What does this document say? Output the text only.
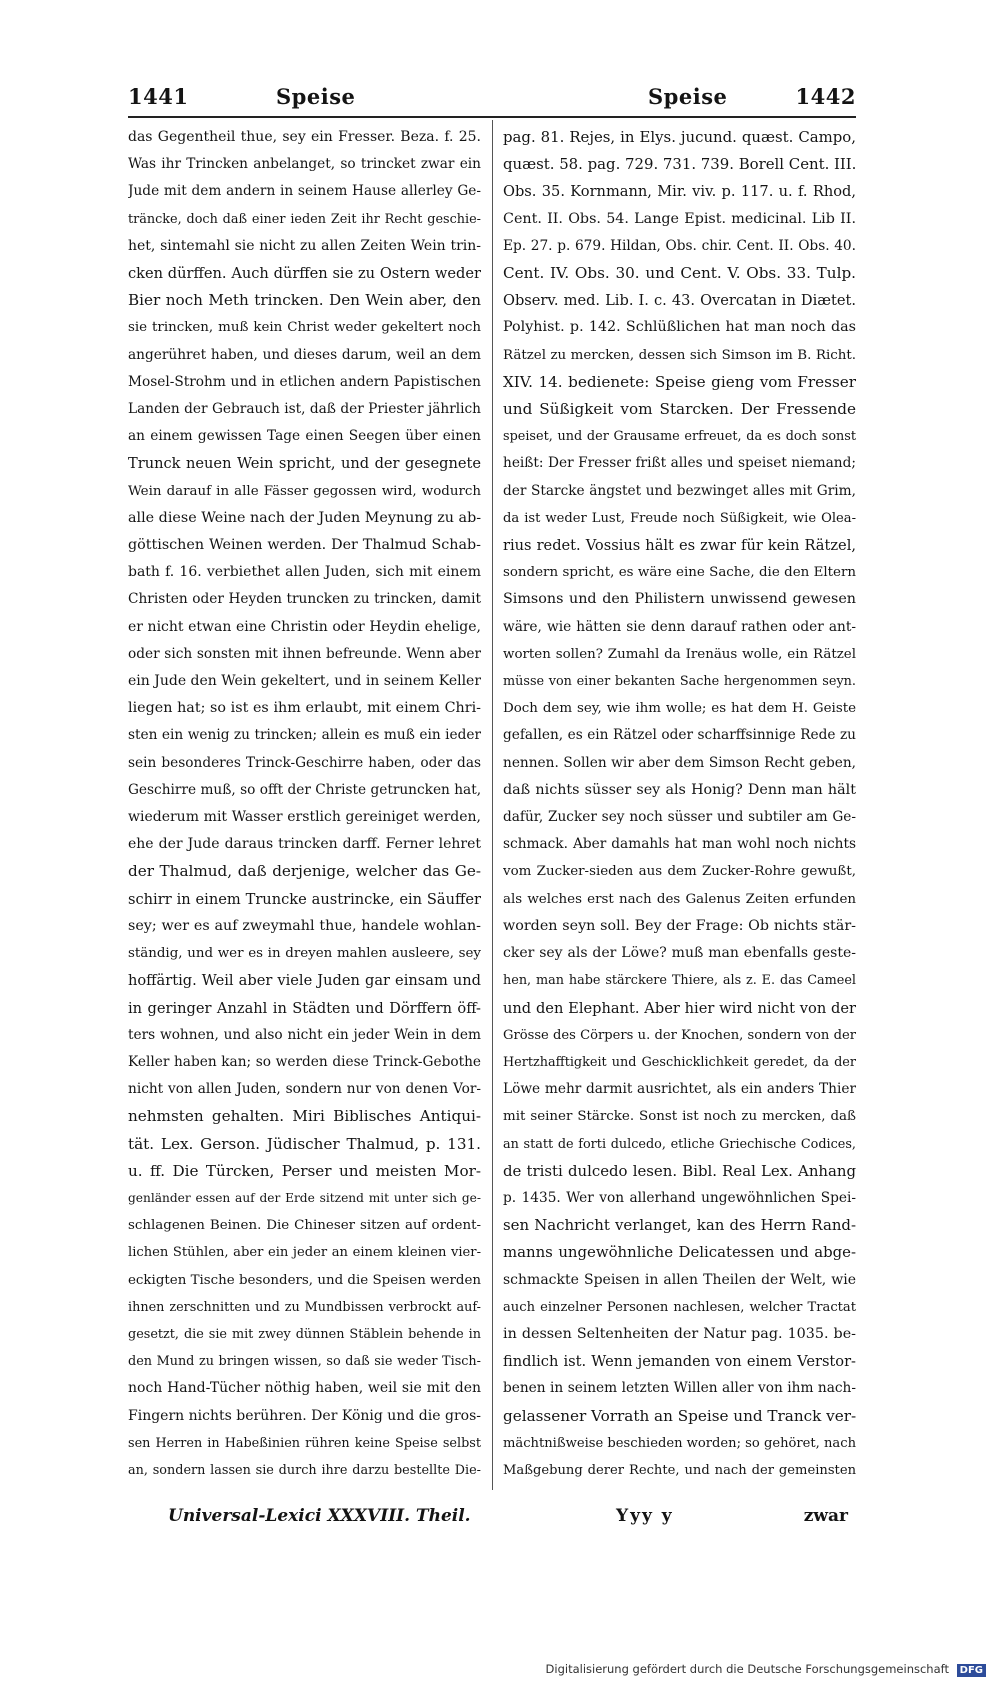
1441	Speise	Speise	1442
das Gegentheil thue, sey ein Fresser. Beza. f. 25.
Was ihr Trincken anbelanget, so trincket zwar ein
Jude mit dem andern in seinem Hause allerley Ge-
träncke, doch daß einer ieden Zeit ihr Recht geschie-
het, sintemahl sie nicht zu allen Zeiten Wein trin-
cken dürffen. Auch dürffen sie zu Ostern weder
Bier noch Meth trincken. Den Wein aber, den
sie trincken, muß kein Christ weder gekeltert noch
angerühret haben, und dieses darum, weil an dem
Mosel-Strohm und in etlichen andern Papistischen
Landen der Gebrauch ist, daß der Priester jährlich
an einem gewissen Tage einen Seegen über einen
Trunck neuen Wein spricht, und der gesegnete
Wein darauf in alle Fässer gegossen wird, wodurch
alle diese Weine nach der Juden Meynung zu ab-
göttischen Weinen werden. Der Thalmud Schab-
bath f. 16. verbiethet allen Juden, sich mit einem
Christen oder Heyden truncken zu trincken, damit
er nicht etwan eine Christin oder Heydin ehelige,
oder sich sonsten mit ihnen befreunde. Wenn aber
ein Jude den Wein gekeltert, und in seinem Keller
liegen hat; so ist es ihm erlaubt, mit einem Chri-
sten ein wenig zu trincken; allein es muß ein ieder
sein besonderes Trinck-Geschirre haben, oder das
Geschirre muß, so offt der Christe getruncken hat,
wiederum mit Wasser erstlich gereiniget werden,
ehe der Jude daraus trincken darff. Ferner lehret
der Thalmud, daß derjenige, welcher das Ge-
schirr in einem Truncke austrincke, ein Säuffer
sey; wer es auf zweymahl thue, handele wohlan-
ständig, und wer es in dreyen mahlen ausleere, sey
hoffärtig. Weil aber viele Juden gar einsam und
in geringer Anzahl in Städten und Dörffern öff-
ters wohnen, und also nicht ein jeder Wein in dem
Keller haben kan; so werden diese Trinck-Gebothe
nicht von allen Juden, sondern nur von denen Vor-
nehmsten gehalten. Miri Biblisches Antiqui-
tät. Lex. Gerson. Jüdischer Thalmud, p. 131.
u. ff. Die Türcken, Perser und meisten Mor-
genländer essen auf der Erde sitzend mit unter sich ge-
schlagenen Beinen. Die Chineser sitzen auf ordent-
lichen Stühlen, aber ein jeder an einem kleinen vier-
eckigten Tische besonders, und die Speisen werden
ihnen zerschnitten und zu Mundbissen verbrockt auf-
gesetzt, die sie mit zwey dünnen Stäblein behende in
den Mund zu bringen wissen, so daß sie weder Tisch-
noch Hand-Tücher nöthig haben, weil sie mit den
Fingern nichts berühren. Der König und die gros-
sen Herren in Habeßinien rühren keine Speise selbst
an, sondern lassen sie durch ihre darzu bestellte Die-
pag. 81. Rejes, in Elys. jucund. quæst. Campo,
quæst. 58. pag. 729. 731. 739. Borell Cent. III.
Obs. 35. Kornmann, Mir. viv. p. 117. u. f. Rhod,
Cent. II. Obs. 54. Lange Epist. medicinal. Lib II.
Ep. 27. p. 679. Hildan, Obs. chir. Cent. II. Obs. 40.
Cent. IV. Obs. 30. und Cent. V. Obs. 33. Tulp.
Observ. med. Lib. I. c. 43. Overcatan in Diætet.
Polyhist. p. 142. Schlüßlichen hat man noch das
Rätzel zu mercken, dessen sich Simson im B. Richt.
XIV. 14. bedienete: Speise gieng vom Fresser
und Süßigkeit vom Starcken. Der Fressende
speiset, und der Grausame erfreuet, da es doch sonst
heißt: Der Fresser frißt alles und speiset niemand;
der Starcke ängstet und bezwinget alles mit Grim,
da ist weder Lust, Freude noch Süßigkeit, wie Olea-
rius redet. Vossius hält es zwar für kein Rätzel,
sondern spricht, es wäre eine Sache, die den Eltern
Simsons und den Philistern unwissend gewesen
wäre, wie hätten sie denn darauf rathen oder ant-
worten sollen? Zumahl da Irenäus wolle, ein Rätzel
müsse von einer bekanten Sache hergenommen seyn.
Doch dem sey, wie ihm wolle; es hat dem H. Geiste
gefallen, es ein Rätzel oder scharffsinnige Rede zu
nennen. Sollen wir aber dem Simson Recht geben,
daß nichts süsser sey als Honig? Denn man hält
dafür, Zucker sey noch süsser und subtiler am Ge-
schmack. Aber damahls hat man wohl noch nichts
vom Zucker-sieden aus dem Zucker-Rohre gewußt,
als welches erst nach des Galenus Zeiten erfunden
worden seyn soll. Bey der Frage: Ob nichts stär-
cker sey als der Löwe? muß man ebenfalls geste-
hen, man habe stärckere Thiere, als z. E. das Cameel
und den Elephant. Aber hier wird nicht von der
Grösse des Cörpers u. der Knochen, sondern von der
Hertzhafftigkeit und Geschicklichkeit geredet, da der
Löwe mehr darmit ausrichtet, als ein anders Thier
mit seiner Stärcke. Sonst ist noch zu mercken, daß
an statt de forti dulcedo, etliche Griechische Codices,
de tristi dulcedo lesen. Bibl. Real Lex. Anhang
p. 1435. Wer von allerhand ungewöhnlichen Spei-
sen Nachricht verlanget, kan des Herrn Rand-
manns ungewöhnliche Delicatessen und abge-
schmackte Speisen in allen Theilen der Welt, wie
auch einzelner Personen nachlesen, welcher Tractat
in dessen Seltenheiten der Natur pag. 1035. be-
findlich ist. Wenn jemanden von einem Verstor-
benen in seinem letzten Willen aller von ihm nach-
gelassener Vorrath an Speise und Tranck ver-
mächtnißweise beschieden worden; so gehöret, nach
Maßgebung derer Rechte, und nach der gemeinsten
Universal-Lexici XXXVIII. Theil.	Yyy y	zwar
Digitalisierung gefördert durch die Deutsche Forschungsgemeinschaft DFG
